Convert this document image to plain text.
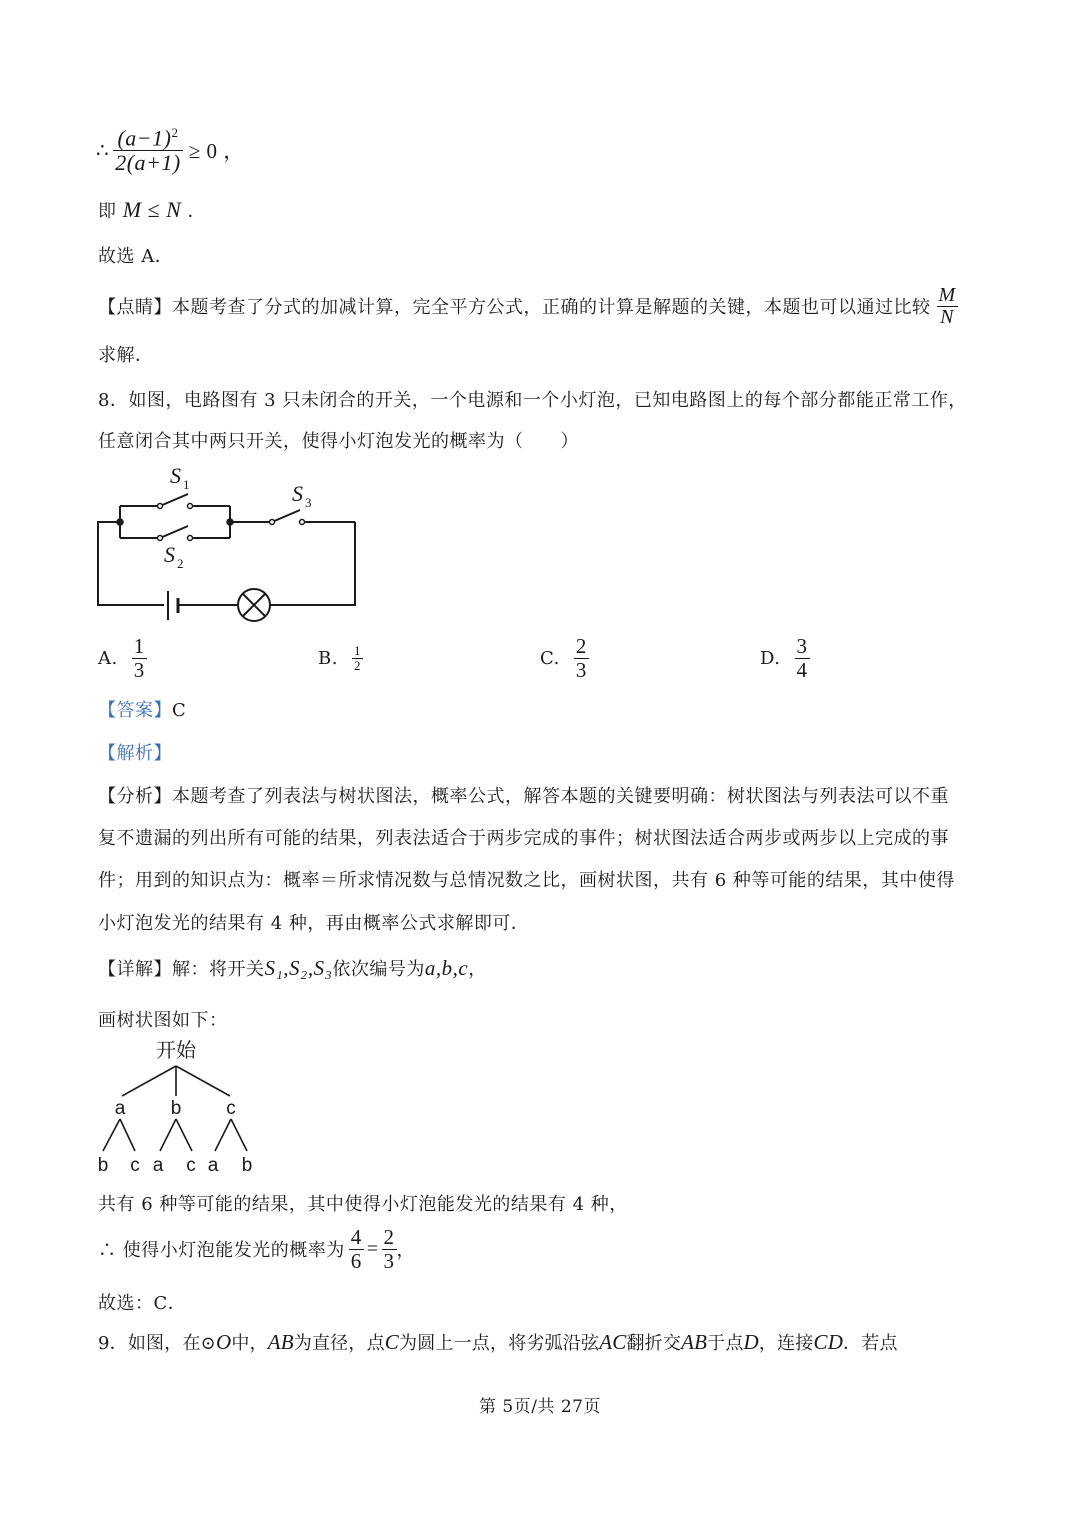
∴ $\frac{(a-1)^2}{2(a+1)} \ge 0$ ，
即 M ≤ N ．
故选 A．
【点睛】本题考查了分式的加减计算，完全平方公式，正确的计算是解题的关键，本题也可以通过比较 $\frac{M}{N}$
求解．
8．如图，电路图有 3 只未闭合的开关，一个电源和一个小灯泡，已知电路图上的每个部分都能正常工作，
任意闭合其中两只开关，使得小灯泡发光的概率为（　　）
S 1
S 2
S 3
A. $\frac{1}{3}$	B. $\frac{1}{2}$	C. $\frac{2}{3}$	D. $\frac{3}{4}$
【答案】C
【解析】
【分析】本题考查了列表法与树状图法，概率公式，解答本题的关键要明确：树状图法与列表法可以不重
复不遗漏的列出所有可能的结果，列表法适合于两步完成的事件；树状图法适合两步或两步以上完成的事
件；用到的知识点为：概率＝所求情况数与总情况数之比，画树状图，共有 6 种等可能的结果，其中使得
小灯泡发光的结果有 4 种，再由概率公式求解即可．
【详解】解：将开关S₁,S₂,S₃依次编号为a,b,c，
画树状图如下：
开始
a b c
b c a c a b
共有 6 种等可能的结果，其中使得小灯泡能发光的结果有 4 种，
∴ 使得小灯泡能发光的概率为 $\frac{4}{6} = \frac{2}{3}$ ，
故选：C．
9．如图，在⊙O中，AB为直径，点C为圆上一点，将劣弧沿弦AC翻折交AB于点D，连接CD．若点
第 5页/共 27页
